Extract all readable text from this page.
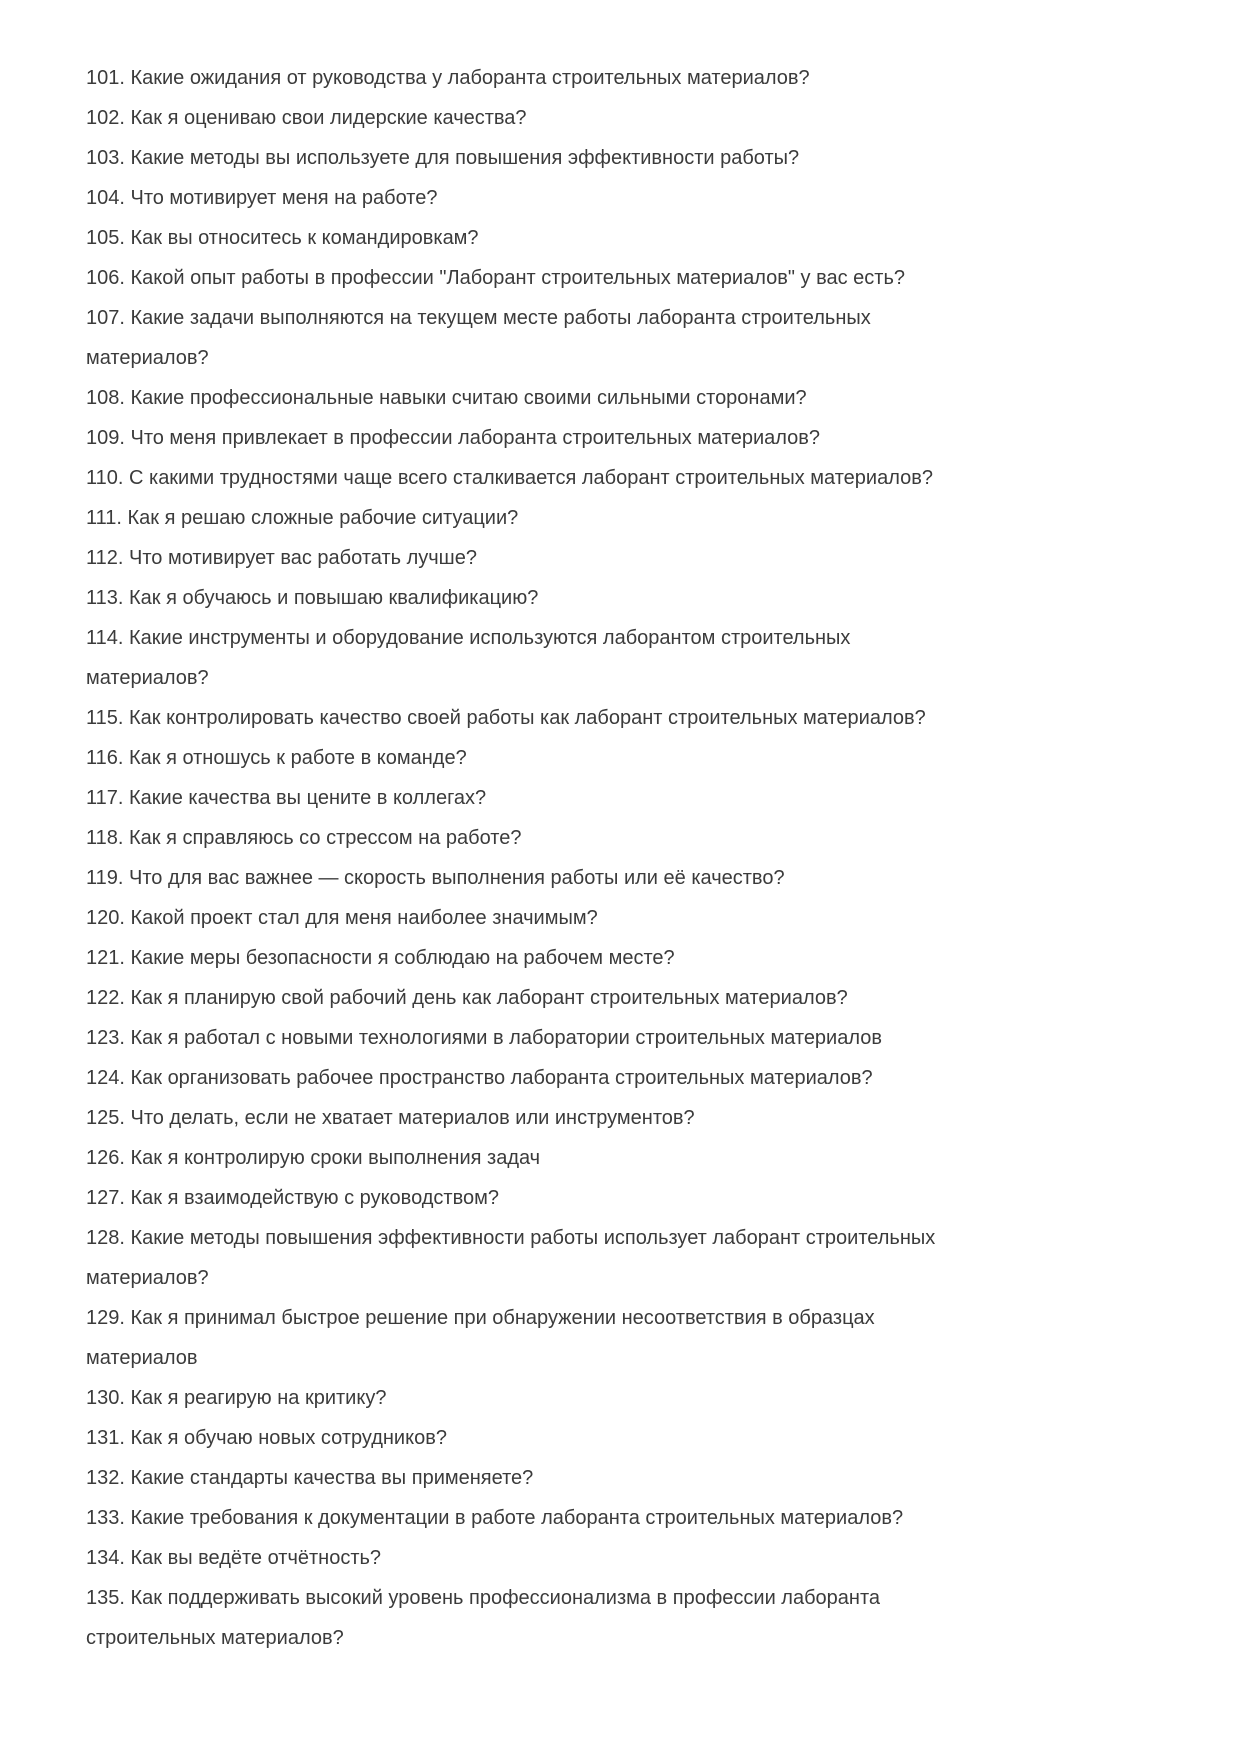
101. Какие ожидания от руководства у лаборанта строительных материалов?

102. Как я оцениваю свои лидерские качества?

103. Какие методы вы используете для повышения эффективности работы?

104. Что мотивирует меня на работе?

105. Как вы относитесь к командировкам?

106. Какой опыт работы в профессии "Лаборант строительных материалов" у вас есть?

107. Какие задачи выполняются на текущем месте работы лаборанта строительных
материалов?

108. Какие профессиональные навыки считаю своими сильными сторонами?

109. Что меня привлекает в профессии лаборанта строительных материалов?

110. С какими трудностями чаще всего сталкивается лаборант строительных материалов?

111. Как я решаю сложные рабочие ситуации?

112. Что мотивирует вас работать лучше?

113. Как я обучаюсь и повышаю квалификацию?

114. Какие инструменты и оборудование используются лаборантом строительных
материалов?

115. Как контролировать качество своей работы как лаборант строительных материалов?

116. Как я отношусь к работе в команде?

117. Какие качества вы цените в коллегах?

118. Как я справляюсь со стрессом на работе?

119. Что для вас важнее — скорость выполнения работы или её качество?

120. Какой проект стал для меня наиболее значимым?

121. Какие меры безопасности я соблюдаю на рабочем месте?

122. Как я планирую свой рабочий день как лаборант строительных материалов?

123. Как я работал с новыми технологиями в лаборатории строительных материалов

124. Как организовать рабочее пространство лаборанта строительных материалов?

125. Что делать, если не хватает материалов или инструментов?

126. Как я контролирую сроки выполнения задач

127. Как я взаимодействую с руководством?

128. Какие методы повышения эффективности работы использует лаборант строительных
материалов?

129. Как я принимал быстрое решение при обнаружении несоответствия в образцах
материалов

130. Как я реагирую на критику?

131. Как я обучаю новых сотрудников?

132. Какие стандарты качества вы применяете?

133. Какие требования к документации в работе лаборанта строительных материалов?

134. Как вы ведёте отчётность?

135. Как поддерживать высокий уровень профессионализма в профессии лаборанта
строительных материалов?
